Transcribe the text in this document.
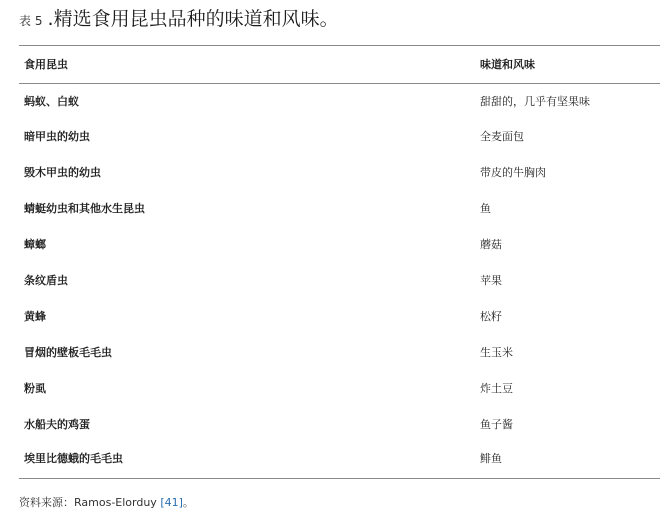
表 5 .精选食用昆虫品种的味道和风味。
食用昆虫	味道和风味
蚂蚁、白蚁	甜甜的，几乎有坚果味
暗甲虫的幼虫	全麦面包
毁木甲虫的幼虫	带皮的牛胸肉
蜻蜓幼虫和其他水生昆虫	鱼
蟑螂	蘑菇
条纹盾虫	苹果
黄蜂	松籽
冒烟的壁板毛毛虫	生玉米
粉虱	炸土豆
水船夫的鸡蛋	鱼子酱
埃里比德蛾的毛毛虫	鲱鱼
资料来源：Ramos-Elorduy [41]。
